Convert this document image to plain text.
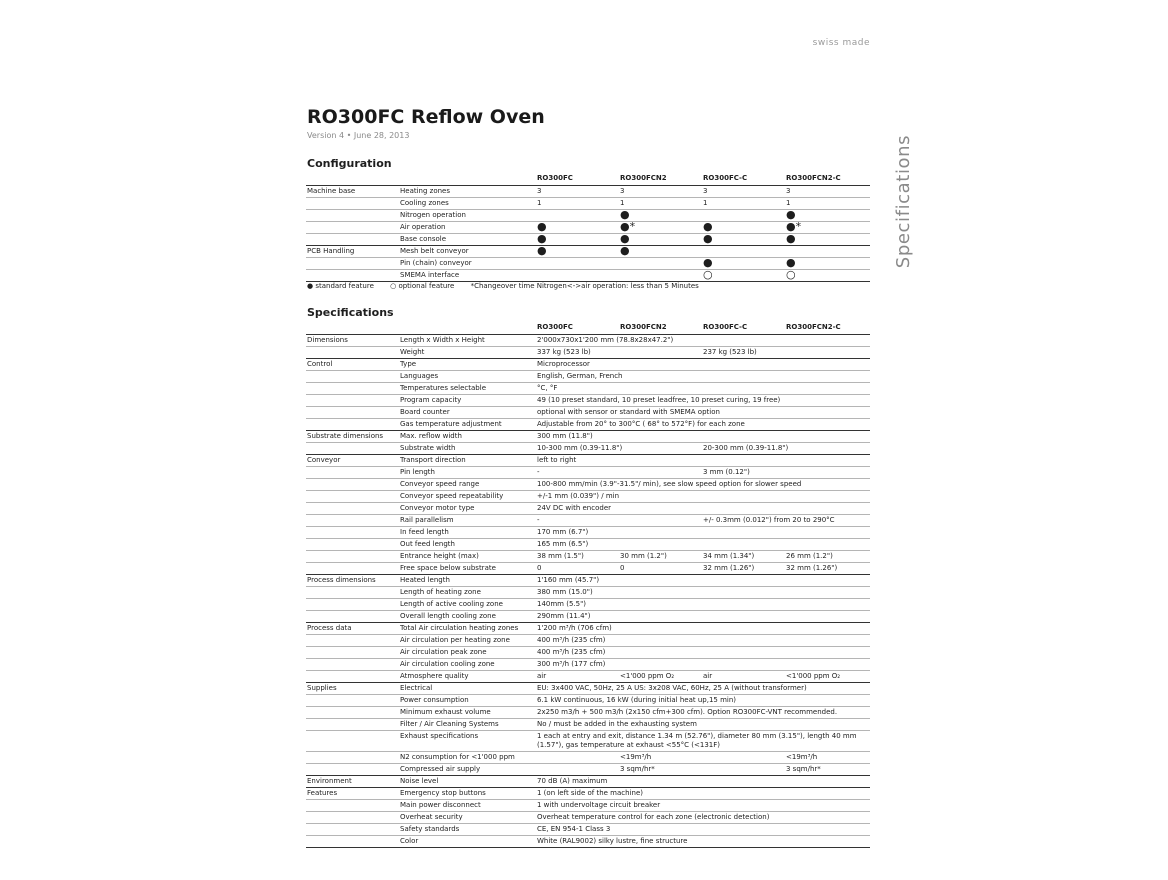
swiss made
Specifications
RO300FC Reflow Oven
Version 4 • June 28, 2013
Configuration
		RO300FC	RO300FCN2	RO300FC-C	RO300FCN2-C
Machine base	Heating zones	3	3	3	3
	Cooling zones	1	1	1	1
	Nitrogen operation		●		●
	Air operation	●	●*	●	●*
	Base console	●	●	●	●
PCB Handling	Mesh belt conveyor	●	●		
	Pin (chain) conveyor			●	●
	SMEMA interface			○	○
● standard feature ○ optional feature *Changeover time Nitrogen<->air operation: less than 5 Minutes
Specifications
		RO300FC	RO300FCN2	RO300FC-C	RO300FCN2-C
Dimensions	Length x Width x Height	2'000x730x1'200 mm (78.8x28x47.2")			
	Weight	337 kg (523 lb)		237 kg (523 lb)	
Control	Type	Microprocessor			
	Languages	English, German, French			
	Temperatures selectable	°C, °F			
	Program capacity	49 (10 preset standard, 10 preset leadfree, 10 preset curing, 19 free)			
	Board counter	optional with sensor or standard with SMEMA option			
	Gas temperature adjustment	Adjustable from 20° to 300°C ( 68° to 572°F) for each zone			
Substrate dimensions	Max. reflow width	300 mm (11.8")			
	Substrate width	10-300 mm (0.39-11.8")		20-300 mm (0.39-11.8")	
Conveyor	Transport direction	left to right			
	Pin length	-		3 mm (0.12")	
	Conveyor speed range	100-800 mm/min (3.9"-31.5"/ min), see slow speed option for slower speed			
	Conveyor speed repeatability	+/-1 mm (0.039") / min			
	Conveyor motor type	24V DC with encoder			
	Rail parallelism	-		+/- 0.3mm (0.012") from 20 to 290°C	
	In feed length	170 mm (6.7")			
	Out feed length	165 mm (6.5")			
	Entrance height (max)	38 mm (1.5")	30 mm (1.2")	34 mm (1.34")	26 mm (1.2")
	Free space below substrate	0	0	32 mm (1.26")	32 mm (1.26")
Process dimensions	Heated length	1'160 mm (45.7")			
	Length of heating zone	380 mm (15.0")			
	Length of active cooling zone	140mm (5.5")			
	Overall length cooling zone	290mm (11.4")			
Process data	Total Air circulation heating zones	1'200 m³/h (706 cfm)			
	Air circulation per heating zone	400 m³/h (235 cfm)			
	Air circulation peak zone	400 m³/h (235 cfm)			
	Air circulation cooling zone	300 m³/h (177 cfm)			
	Atmosphere quality	air	<1'000 ppm O₂	air	<1'000 ppm O₂
Supplies	Electrical	EU: 3x400 VAC, 50Hz, 25 A US: 3x208 VAC, 60Hz, 25 A (without transformer)			
	Power consumption	6.1 kW continuous, 16 kW (during initial heat up,15 min)			
	Minimum exhaust volume	2x250 m3/h + 500 m3/h (2x150 cfm+300 cfm). Option RO300FC-VNT recommended.			
	Filter / Air Cleaning Systems	No / must be added in the exhausting system			
	Exhaust specifications	1 each at entry and exit, distance 1.34 m (52.76"), diameter 80 mm (3.15"), length 40 mm (1.57"), gas temperature at exhaust <55°C (<131F)			
	N2 consumption for <1'000 ppm		<19m³/h		<19m³/h
	Compressed air supply		3 sqm/hr*		3 sqm/hr*
Environment	Noise level	70 dB (A) maximum			
Features	Emergency stop buttons	1 (on left side of the machine)			
	Main power disconnect	1 with undervoltage circuit breaker			
	Overheat security	Overheat temperature control for each zone (electronic detection)			
	Safety standards	CE, EN 954-1 Class 3			
	Color	White (RAL9002) silky lustre, fine structure			
